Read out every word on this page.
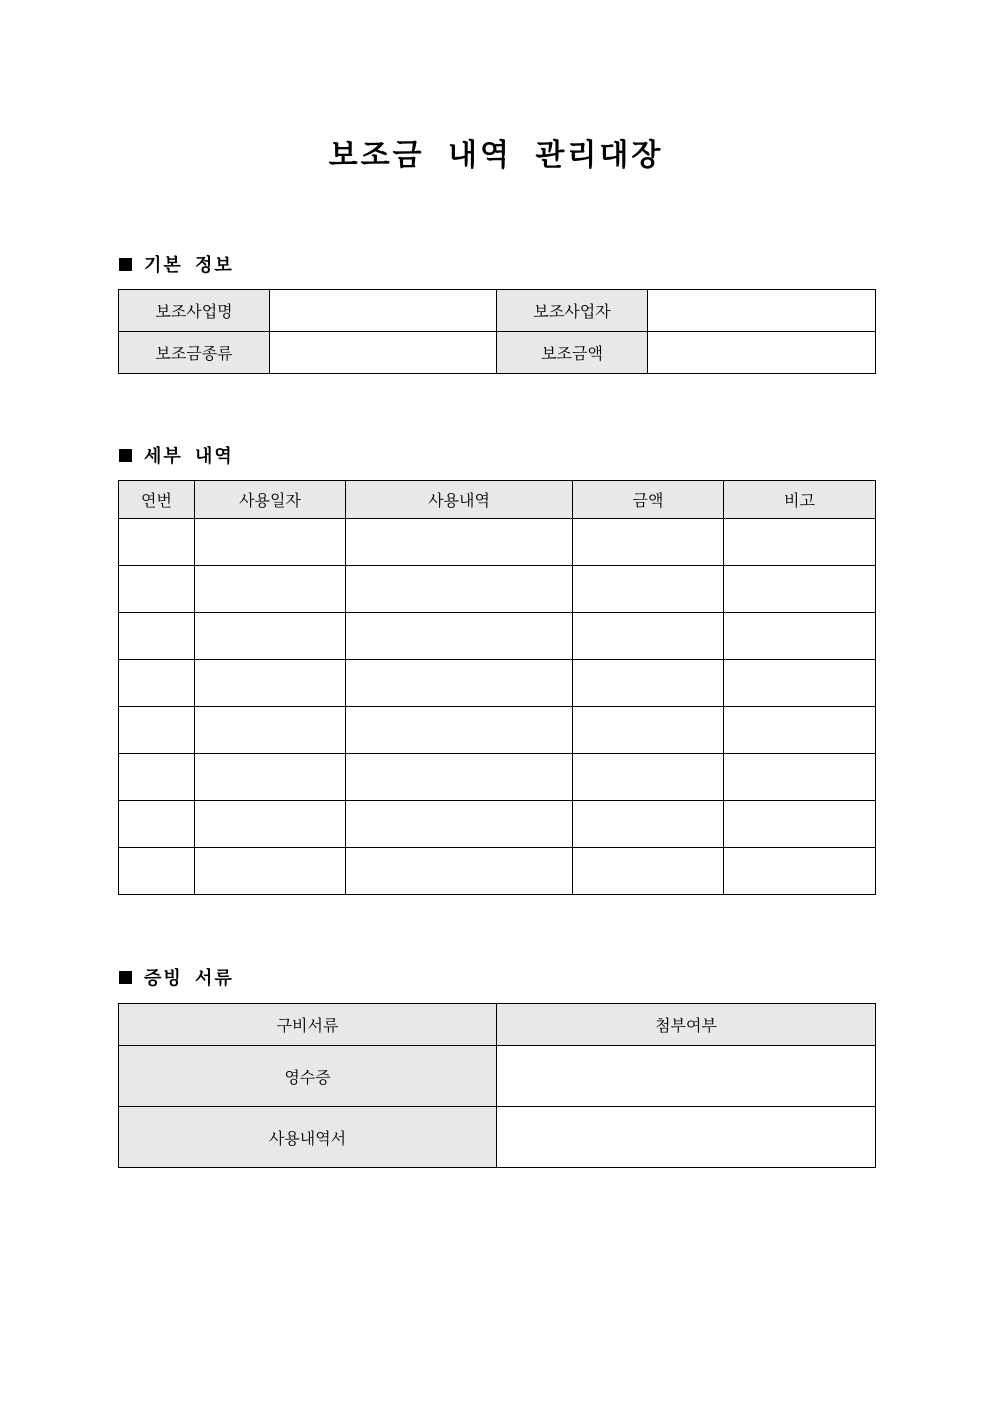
보조금 내역 관리대장
기본 정보
보조사업명		보조사업자	
보조금종류		보조금액	
세부 내역
연번	사용일자	사용내역	금액	비고

증빙 서류
구비서류	첨부여부
영수증	
사용내역서	
